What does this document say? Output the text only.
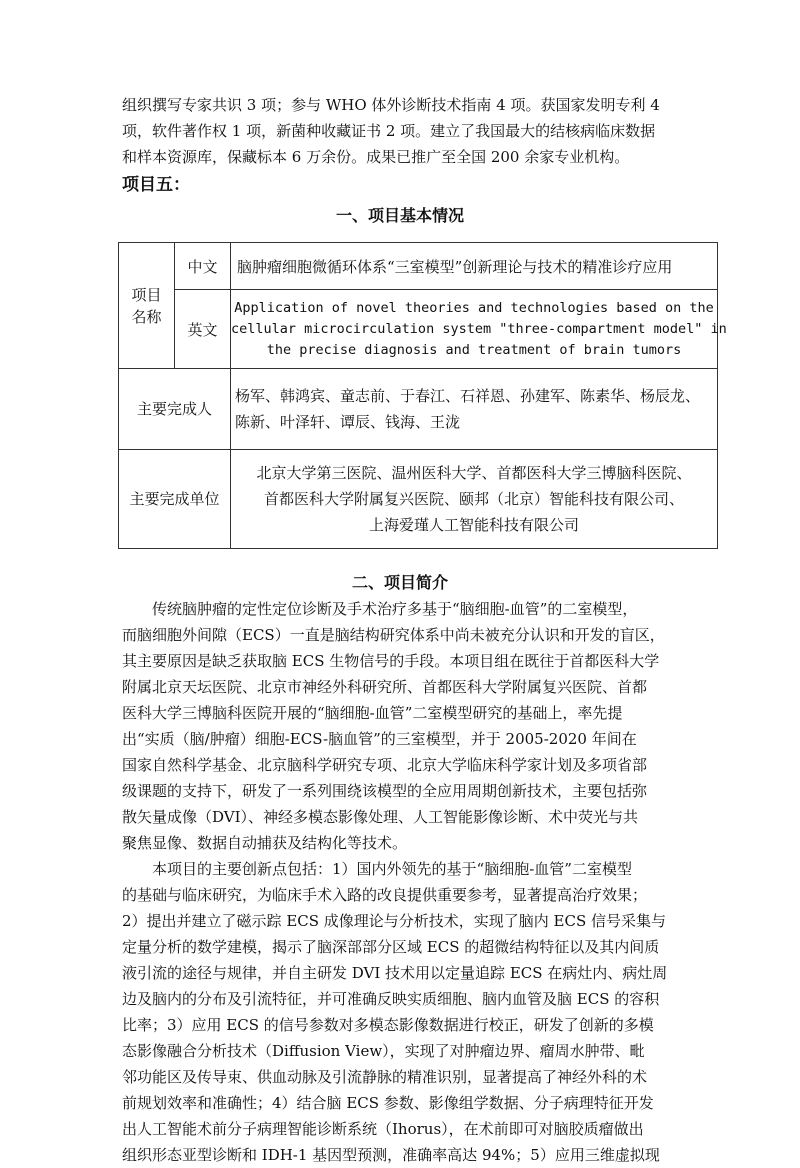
组织撰写专家共识 3 项；参与 WHO 体外诊断技术指南 4 项。获国家发明专利 4
项，软件著作权 1 项，新菌种收藏证书 2 项。建立了我国最大的结核病临床数据
和样本资源库，保藏标本 6 万余份。成果已推广至全国 200 余家专业机构。
项目五：
一、项目基本情况
项目
名称	中文	脑肿瘤细胞微循环体系“三室模型”创新理论与技术的精准诊疗应用
	英文	Application of novel theories and technologies based on the
cellular microcirculation system "three-compartment model" in
the precise diagnosis and treatment of brain tumors

主要完成人		杨军、韩鸿宾、童志前、于春江、石祥恩、孙建军、陈素华、杨辰龙、
陈新、叶泽轩、谭辰、钱海、王泷

主要完成单位		北京大学第三医院、温州医科大学、首都医科大学三博脑科医院、
首都医科大学附属复兴医院、颐邦（北京）智能科技有限公司、
上海爱瑾人工智能科技有限公司
二、项目简介
传统脑肿瘤的定性定位诊断及手术治疗多基于“脑细胞-血管”的二室模型，
而脑细胞外间隙（ECS）一直是脑结构研究体系中尚未被充分认识和开发的盲区，
其主要原因是缺乏获取脑 ECS 生物信号的手段。本项目组在既往于首都医科大学
附属北京天坛医院、北京市神经外科研究所、首都医科大学附属复兴医院、首都
医科大学三博脑科医院开展的“脑细胞-血管”二室模型研究的基础上，率先提
出“实质（脑/肿瘤）细胞-ECS-脑血管”的三室模型，并于 2005-2020 年间在
国家自然科学基金、北京脑科学研究专项、北京大学临床科学家计划及多项省部
级课题的支持下，研发了一系列围绕该模型的全应用周期创新技术，主要包括弥
散矢量成像（DVI）、神经多模态影像处理、人工智能影像诊断、术中荧光与共
聚焦显像、数据自动捕获及结构化等技术。
本项目的主要创新点包括：1）国内外领先的基于“脑细胞-血管”二室模型
的基础与临床研究，为临床手术入路的改良提供重要参考，显著提高治疗效果；
2）提出并建立了磁示踪 ECS 成像理论与分析技术，实现了脑内 ECS 信号采集与
定量分析的数学建模，揭示了脑深部部分区域 ECS 的超微结构特征以及其内间质
液引流的途径与规律，并自主研发 DVI 技术用以定量追踪 ECS 在病灶内、病灶周
边及脑内的分布及引流特征，并可准确反映实质细胞、脑内血管及脑 ECS 的容积
比率；3）应用 ECS 的信号参数对多模态影像数据进行校正，研发了创新的多模
态影像融合分析技术（Diffusion View），实现了对肿瘤边界、瘤周水肿带、毗
邻功能区及传导束、供血动脉及引流静脉的精准识别，显著提高了神经外科的术
前规划效率和准确性；4）结合脑 ECS 参数、影像组学数据、分子病理特征开发
出人工智能术前分子病理智能诊断系统（Ihorus），在术前即可对脑胶质瘤做出
组织形态亚型诊断和 IDH-1 基因型预测，准确率高达 94%；5）应用三维虚拟现
